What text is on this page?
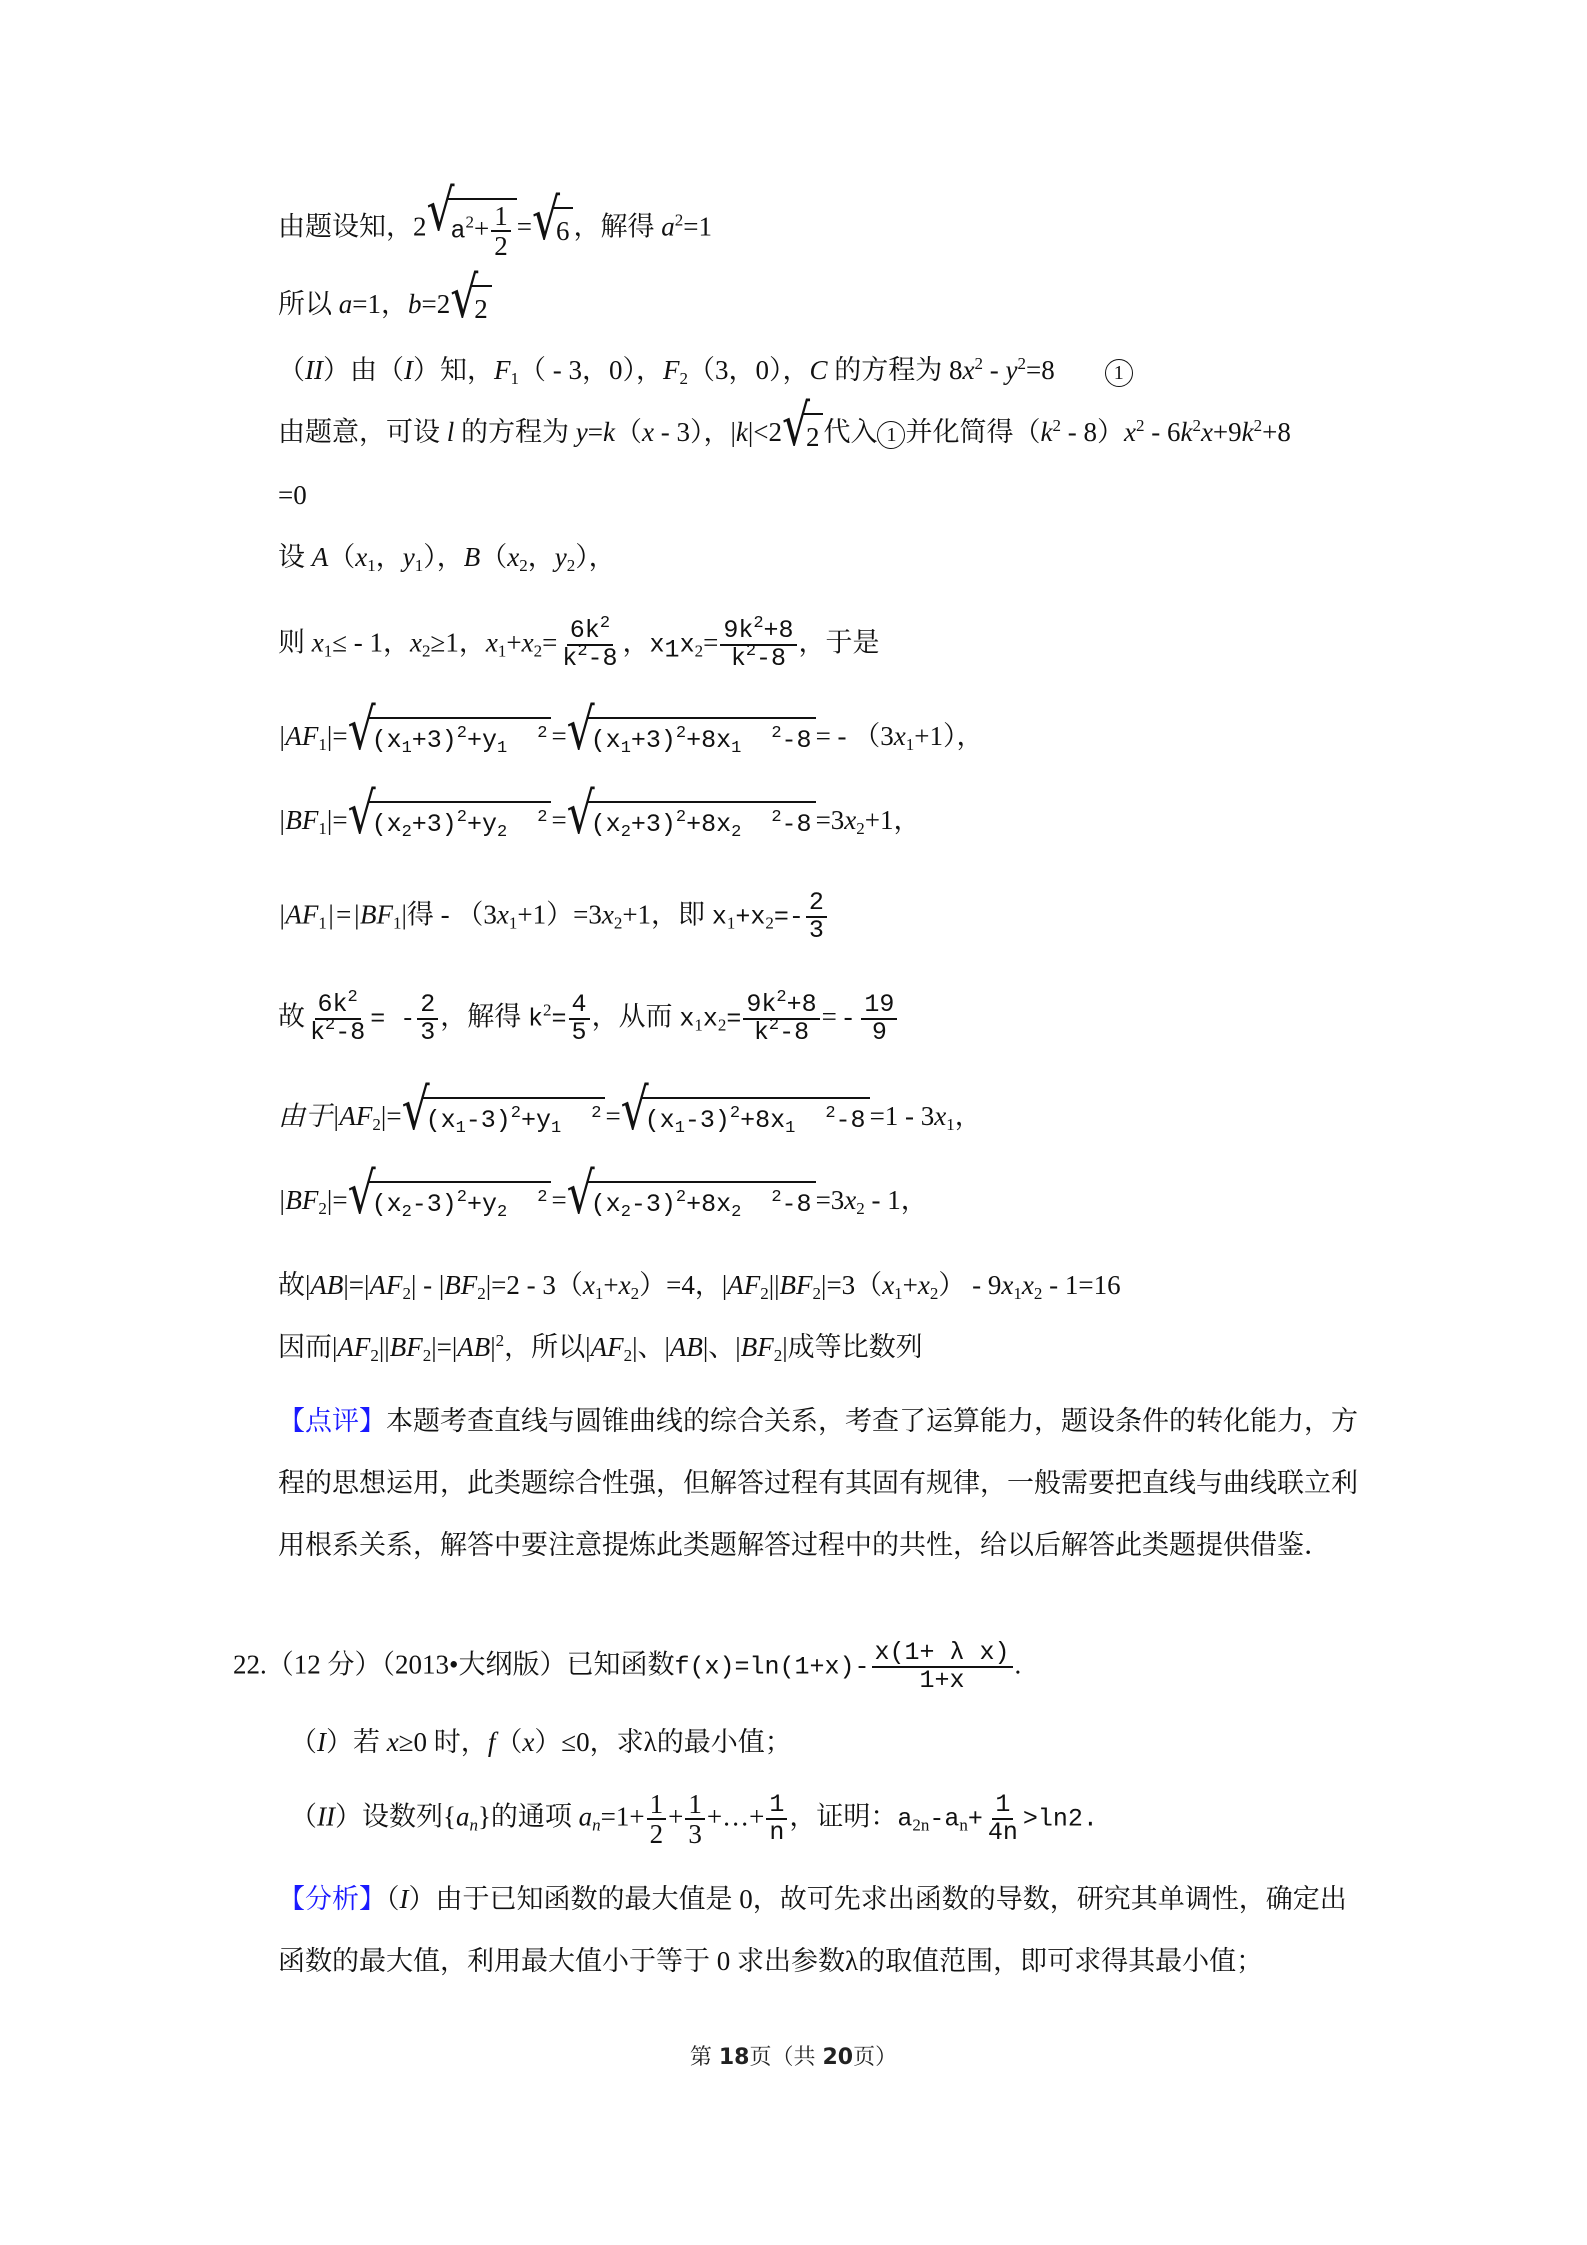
由题设知，2 √ $a^2+ \frac{1}{2}$ = √ 6 ，解得 $a^2=1$
所以 a=1，b=2 √ 2
（II）由（I）知，$F_1( - 3$，0），$F_2(3$，0），C 的方程为 $8x^2 - y^2=8$	1
由题意，可设 l 的方程为 y=k（x - 3），|k|<2 √ 2 代入 1 并化简得$(k^2 - 8)x^2 - 6k^2x+9k^2+8$
=0
设 $A(x_1$，$y_1$），$B(x_2$，$y_2$），
则 $x_1\le - 1$，$x_2\ge 1$，$x_1+x_2= \frac{6k^2}{k^2-8}$ ，$x_1x_2= \frac{9k^2+8}{k^2-8}$ ，于是
$|AF_1|=$ √ $(x_1+3)^2+y_1$  $^2$ = √ $(x_1+3)^2+8x_1$  $^2$-8 = - $(3x_1+1)$，
$|BF_1|=$ √ $(x_2+3)^2+y_2$  $^2$ = √ $(x_2+3)^2+8x_2$  $^2-8 =3x_2+1$，
$|AF_1|=|BF_1|$得 - $(3x_1+1)=3x_2+1$，即 $x_1+x_2=- \frac{2}{3}$
故 $\frac{6k^2}{k^2-8}$ = - $\frac{2}{3}$ ，解得 $k^2= \frac{4}{5}$ ，从而 $x_1x_2= \frac{9k^2+8}{k^2-8}$ = - $\frac{19}{9}$
由于$|AF_2|=$ √ $(x_1-3)^2+y_1$  $^2$ = √ $(x_1-3)^2+8x_1$  $^2-8 =1 - 3x_1$，
$|BF_2|=$ √ $(x_2-3)^2+y_2$  $^2$ = √ $(x_2-3)^2+8x_2$  $^2-8 =3x_2 - 1$，
故$|AB|=|AF_2| - |BF_2|=2 - 3(x_1+x_2)=4$，$|AF_2||BF_2|=3(x_1+x_2) - 9x_1x_2 - 1=16$
因而$|AF_2||BF_2|=|AB|^2$，所以$|AF_2|$、|AB|、$|BF_2|$成等比数列
【点评】本题考查直线与圆锥曲线的综合关系，考查了运算能力，题设条件的转化能力，方程的思想运用，此类题综合性强，但解答过程有其固有规律，一般需要把直线与曲线联立利用根系关系，解答中要注意提炼此类题解答过程中的共性，给以后解答此类题提供借鉴．
22.（12 分）（2013•大纲版）已知函数$f(x)=\ln(1+x)- \frac{\text{x(1+ λ x)}}{1+x}$ .
（I）若 x≥0 时，f（x）≤0，求λ的最小值；
（II）设数列$\{a_n\}$的通项 $a_n=1+ \frac{1}{2} + \frac{1}{3}$ +…+ $\frac{1}{n}$ ，证明：$a_{2n}-a_n+ \frac{1}{4n} >\ln 2$.
【分析】（I）由于已知函数的最大值是 0，故可先求出函数的导数，研究其单调性，确定出函数的最大值，利用最大值小于等于 0 求出参数λ的取值范围，即可求得其最小值；
第 18页（共 20页）
